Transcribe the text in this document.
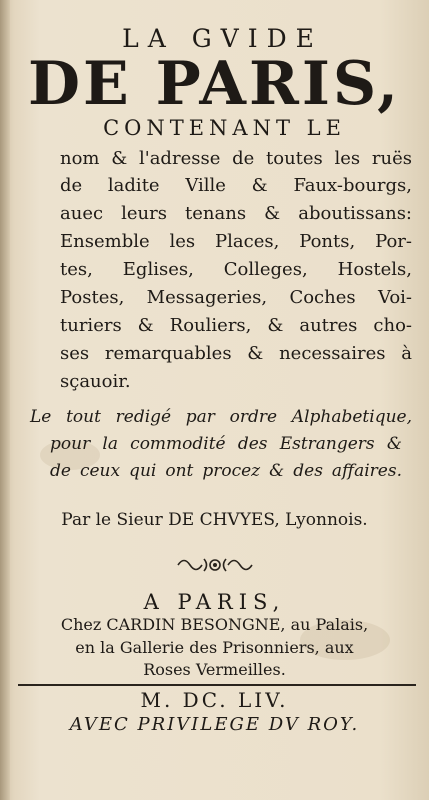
LA GVIDE
DE PARIS,
CONTENANT LE
nom & l'adresse de toutes les ruës
de ladite Ville & Faux-bourgs,
auec leurs tenans & aboutissans:
Ensemble les Places, Ponts, Por-
tes, Eglises, Colleges, Hostels,
Postes, Messageries, Coches Voi-
turiers & Rouliers, & autres cho-
ses remarquables & necessaires à
sçauoir.
Le tout redigé par ordre Alphabetique,
pour la commodité des Estrangers &
de ceux qui ont procez & des affaires.
Par le Sieur DE CHVYES, Lyonnois.
A PARIS,
Chez CARDIN BESONGNE, au Palais,
en la Gallerie des Prisonniers, aux
Roses Vermeilles.
M. DC. LIV.
AVEC PRIVILEGE DV ROY.
